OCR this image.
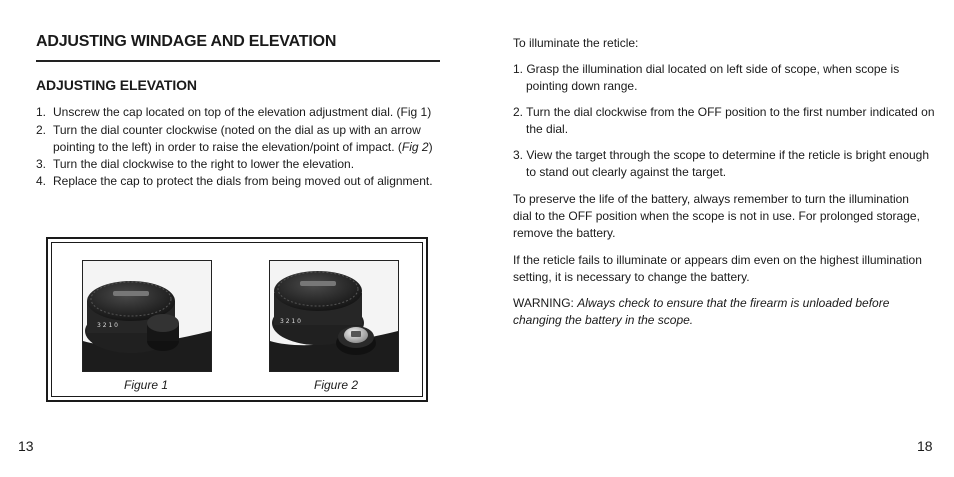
ADJUSTING WINDAGE AND ELEVATION
ADJUSTING ELEVATION
1. Unscrew the cap located on top of the elevation adjustment dial. (Fig 1)
2. Turn the dial counter clockwise (noted on the dial as up with an arrow pointing to the left) in order to raise the elevation/point of impact. (Fig 2)
3. Turn the dial clockwise to the right to lower the elevation.
4. Replace the cap to protect the dials from being moved out of alignment.
3 2 1 0
3 2 1 0
Figure 1	Figure 2
13

To illuminate the reticle:

1. Grasp the illumination dial located on left side of scope, when scope is pointing down range.

2. Turn the dial clockwise from the OFF position to the first number indicated on the dial.

3. View the target through the scope to determine if the reticle is bright enough to stand out clearly against the target.

To preserve the life of the battery, always remember to turn the illumination dial to the OFF position when the scope is not in use. For prolonged storage, remove the battery.

If the reticle fails to illuminate or appears dim even on the highest illumination setting, it is necessary to change the battery.

WARNING: Always check to ensure that the firearm is unloaded before changing the battery in the scope.

18
